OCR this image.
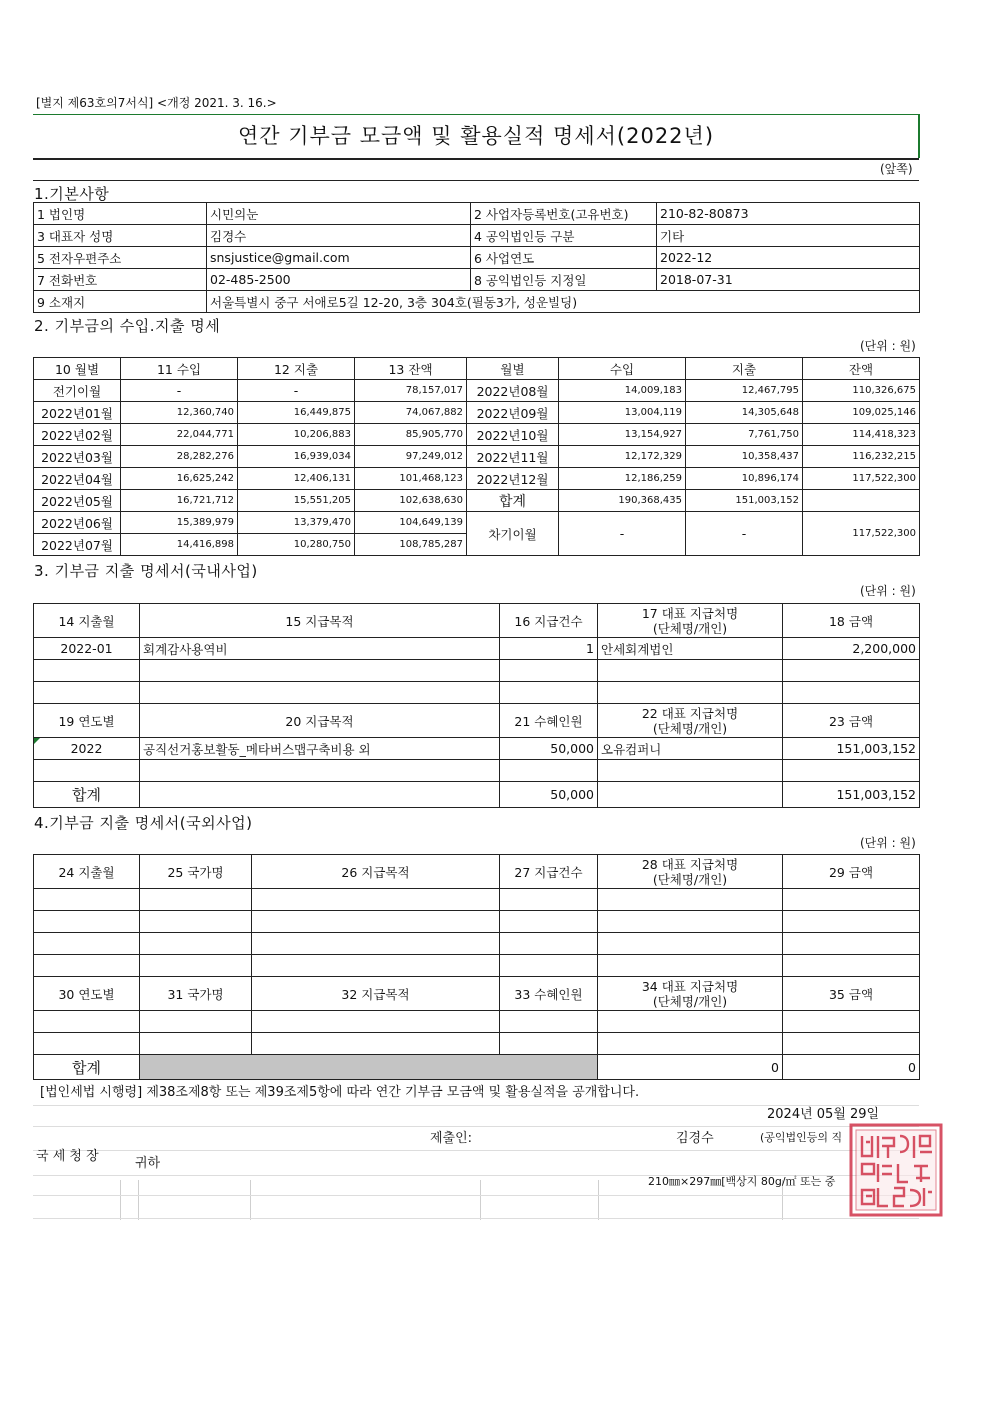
[별지 제63호의7서식] <개정 2021. 3. 16.>
연간 기부금 모금액 및 활용실적 명세서(2022년)
(앞쪽)
1.기본사항
1 법인명	시민의눈	2 사업자등록번호(고유번호)	210-82-80873
3 대표자 성명	김경수	4 공익법인등 구분	기타
5 전자우편주소	snsjustice@gmail.com	6 사업연도	2022-12
7 전화번호	02-485-2500	8 공익법인등 지정일	2018-07-31
9 소재지	서울특별시 중구 서애로5길 12-20, 3층 304호(필동3가, 성운빌딩)		
2. 기부금의 수입.지출 명세
(단위 : 원)
10 월별	11 수입	12 지출	13 잔액	월별	수입	지출	잔액
전기이월	-	-	78,157,017	2022년08월	14,009,183	12,467,795	110,326,675
2022년01월	12,360,740	16,449,875	74,067,882	2022년09월	13,004,119	14,305,648	109,025,146
2022년02월	22,044,771	10,206,883	85,905,770	2022년10월	13,154,927	7,761,750	114,418,323
2022년03월	28,282,276	16,939,034	97,249,012	2022년11월	12,172,329	10,358,437	116,232,215
2022년04월	16,625,242	12,406,131	101,468,123	2022년12월	12,186,259	10,896,174	117,522,300
2022년05월	16,721,712	15,551,205	102,638,630	합계	190,368,435	151,003,152	
2022년06월	15,389,979	13,379,470	104,649,139	차기이월	-	-	117,522,300
2022년07월	14,416,898	10,280,750	108,785,287				
3. 기부금 지출 명세서(국내사업)
(단위 : 원)
14 지출월	15 지급목적	16 지급건수	17 대표 지급처명
(단체명/개인)	18 금액
2022-01	회계감사용역비	1	안세회계법인	2,200,000

19 연도별	20 지급목적	21 수혜인원	22 대표 지급처명
(단체명/개인)	23 금액

2022	공직선거홍보활동_메타버스맵구축비용 외	50,000	오유컴퍼니	151,003,152

합계		50,000		151,003,152
4.기부금 지출 명세서(국외사업)
(단위 : 원)
24 지출월	25 국가명	26 지급목적	27 지급건수	28 대표 지급처명
(단체명/개인)	29 금액

30 연도별	31 국가명	32 지급목적	33 수혜인원	34 대표 지급처명
(단체명/개인)	35 금액

합계				0	0
[법인세법 시행령] 제38조제8항 또는 제39조제5항에 따라 연간 기부금 모금액 및 활용실적을 공개합니다.
2024년 05월 29일
제출인:	김경수	(공익법인등의 직
국 세 청 장	귀하
210㎜×297㎜[백상지 80g/㎡ 또는 중
